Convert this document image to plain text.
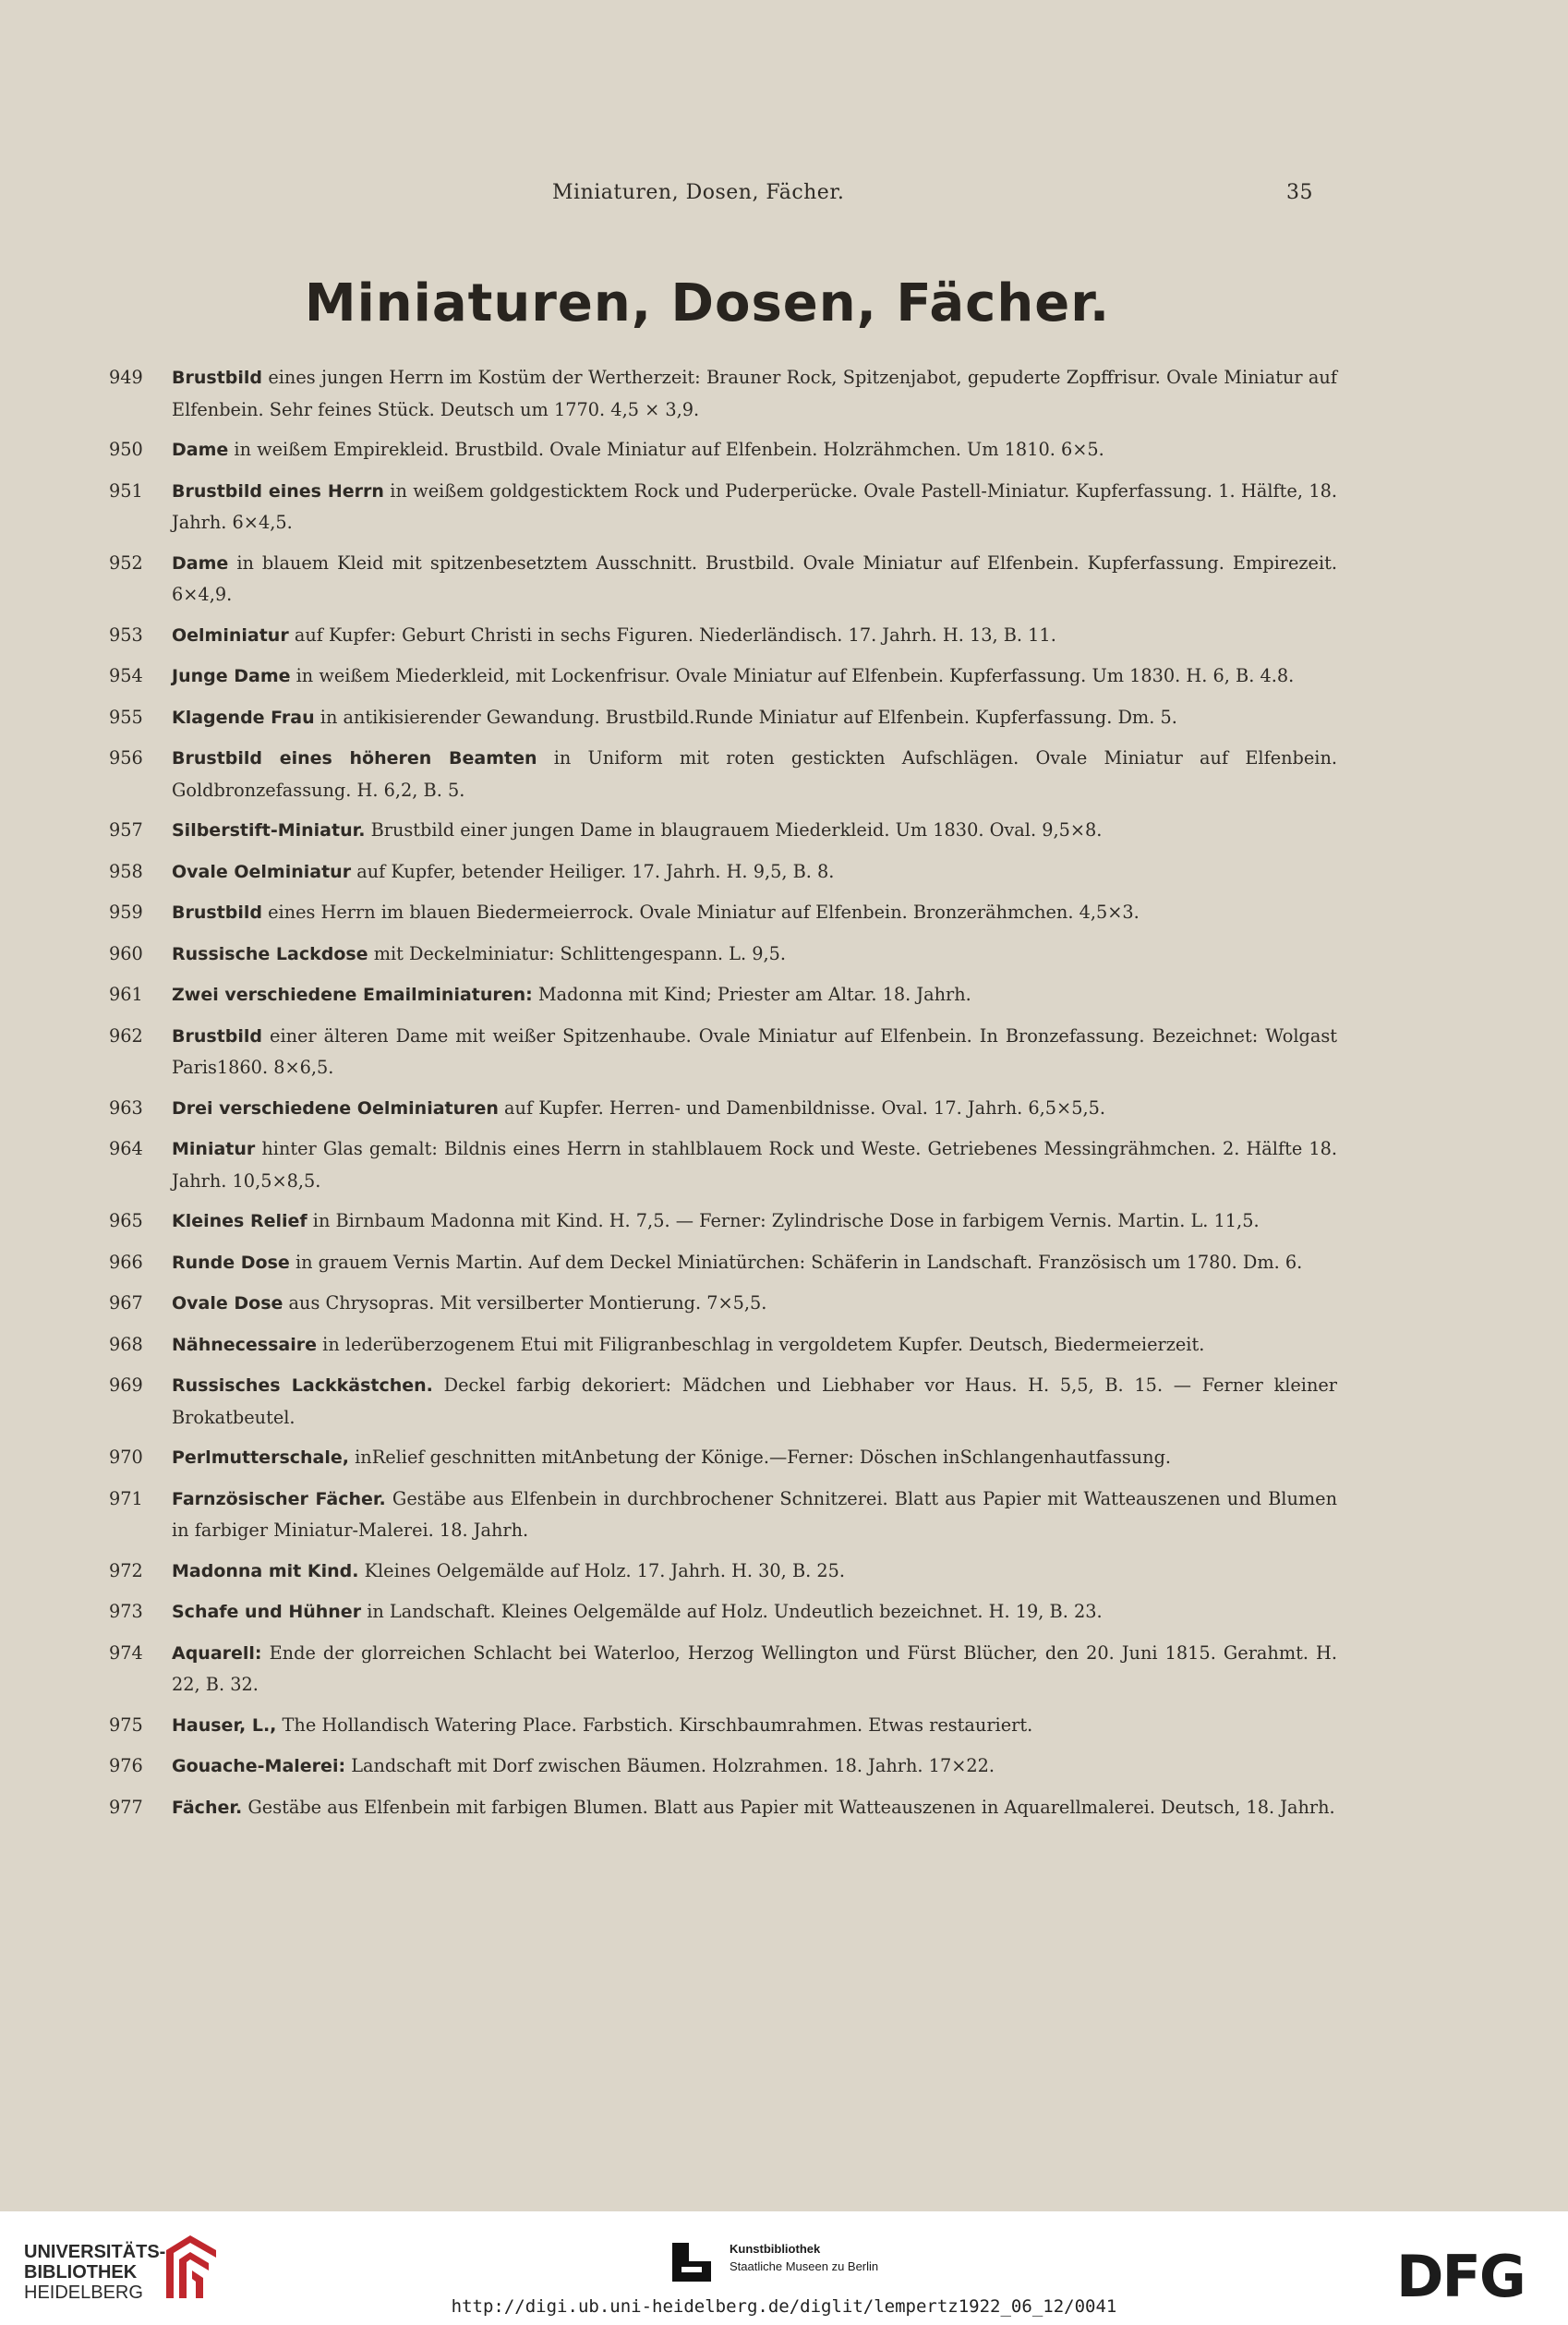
Miniaturen, Dosen, Fächer.	35
Miniaturen, Dosen, Fächer.
949	Brustbild eines jungen Herrn im Kostüm der Wertherzeit: Brauner Rock, Spitzenjabot, gepuderte Zopffrisur. Ovale Miniatur auf Elfenbein. Sehr feines Stück. Deutsch um 1770. 4,5 × 3,9.
950	Dame in weißem Empirekleid. Brustbild. Ovale Miniatur auf Elfenbein. Holzrähmchen. Um 1810. 6×5.
951	Brustbild eines Herrn in weißem goldgesticktem Rock und Puderperücke. Ovale Pastell-Miniatur. Kupferfassung. 1. Hälfte, 18. Jahrh. 6×4,5.
952	Dame in blauem Kleid mit spitzenbesetztem Ausschnitt. Brustbild. Ovale Miniatur auf Elfenbein. Kupferfassung. Empirezeit. 6×4,9.
953	Oelminiatur auf Kupfer: Geburt Christi in sechs Figuren. Niederländisch. 17. Jahrh. H. 13, B. 11.
954	Junge Dame in weißem Miederkleid, mit Lockenfrisur. Ovale Miniatur auf Elfenbein. Kupferfassung. Um 1830. H. 6, B. 4.8.
955	Klagende Frau in antikisierender Gewandung. Brustbild.Runde Miniatur auf Elfenbein. Kupferfassung. Dm. 5.
956	Brustbild eines höheren Beamten in Uniform mit roten gestickten Aufschlägen. Ovale Miniatur auf Elfenbein. Goldbronzefassung. H. 6,2, B. 5.
957	Silberstift-Miniatur. Brustbild einer jungen Dame in blaugrauem Miederkleid. Um 1830. Oval. 9,5×8.
958	Ovale Oelminiatur auf Kupfer, betender Heiliger. 17. Jahrh. H. 9,5, B. 8.
959	Brustbild eines Herrn im blauen Biedermeierrock. Ovale Miniatur auf Elfenbein. Bronzerähmchen. 4,5×3.
960	Russische Lackdose mit Deckelminiatur: Schlittengespann. L. 9,5.
961	Zwei verschiedene Emailminiaturen: Madonna mit Kind; Priester am Altar. 18. Jahrh.
962	Brustbild einer älteren Dame mit weißer Spitzenhaube. Ovale Miniatur auf Elfenbein. In Bronzefassung. Bezeichnet: Wolgast Paris1860. 8×6,5.
963	Drei verschiedene Oelminiaturen auf Kupfer. Herren- und Damenbildnisse. Oval. 17. Jahrh. 6,5×5,5.
964	Miniatur hinter Glas gemalt: Bildnis eines Herrn in stahlblauem Rock und Weste. Getriebenes Messingrähmchen. 2. Hälfte 18. Jahrh. 10,5×8,5.
965	Kleines Relief in Birnbaum Madonna mit Kind. H. 7,5. — Ferner: Zylindrische Dose in farbigem Vernis. Martin. L. 11,5.
966	Runde Dose in grauem Vernis Martin. Auf dem Deckel Miniatürchen: Schäferin in Landschaft. Französisch um 1780. Dm. 6.
967	Ovale Dose aus Chrysopras. Mit versilberter Montierung. 7×5,5.
968	Nähnecessaire in lederüberzogenem Etui mit Filigranbeschlag in vergoldetem Kupfer. Deutsch, Biedermeierzeit.
969	Russisches Lackkästchen. Deckel farbig dekoriert: Mädchen und Liebhaber vor Haus. H. 5,5, B. 15. — Ferner kleiner Brokatbeutel.
970	Perlmutterschale, inRelief geschnitten mitAnbetung der Könige.—Ferner: Döschen inSchlangenhautfassung.
971	Farnzösischer Fächer. Gestäbe aus Elfenbein in durchbrochener Schnitzerei. Blatt aus Papier mit Watteauszenen und Blumen in farbiger Miniatur-Malerei. 18. Jahrh.
972	Madonna mit Kind. Kleines Oelgemälde auf Holz. 17. Jahrh. H. 30, B. 25.
973	Schafe und Hühner in Landschaft. Kleines Oelgemälde auf Holz. Undeutlich bezeichnet. H. 19, B. 23.
974	Aquarell: Ende der glorreichen Schlacht bei Waterloo, Herzog Wellington und Fürst Blücher, den 20. Juni 1815. Gerahmt. H. 22, B. 32.
975	Hauser, L., The Hollandisch Watering Place. Farbstich. Kirschbaumrahmen. Etwas restauriert.
976	Gouache-Malerei: Landschaft mit Dorf zwischen Bäumen. Holzrahmen. 18. Jahrh. 17×22.
977	Fächer. Gestäbe aus Elfenbein mit farbigen Blumen. Blatt aus Papier mit Watteauszenen in Aquarellmalerei. Deutsch, 18. Jahrh.
UNIVERSITÄTS-
BIBLIOTHEK
HEIDELBERG
Kunstbibliothek
Staatliche Museen zu Berlin	DFG
http://digi.ub.uni-heidelberg.de/diglit/lempertz1922_06_12/0041
